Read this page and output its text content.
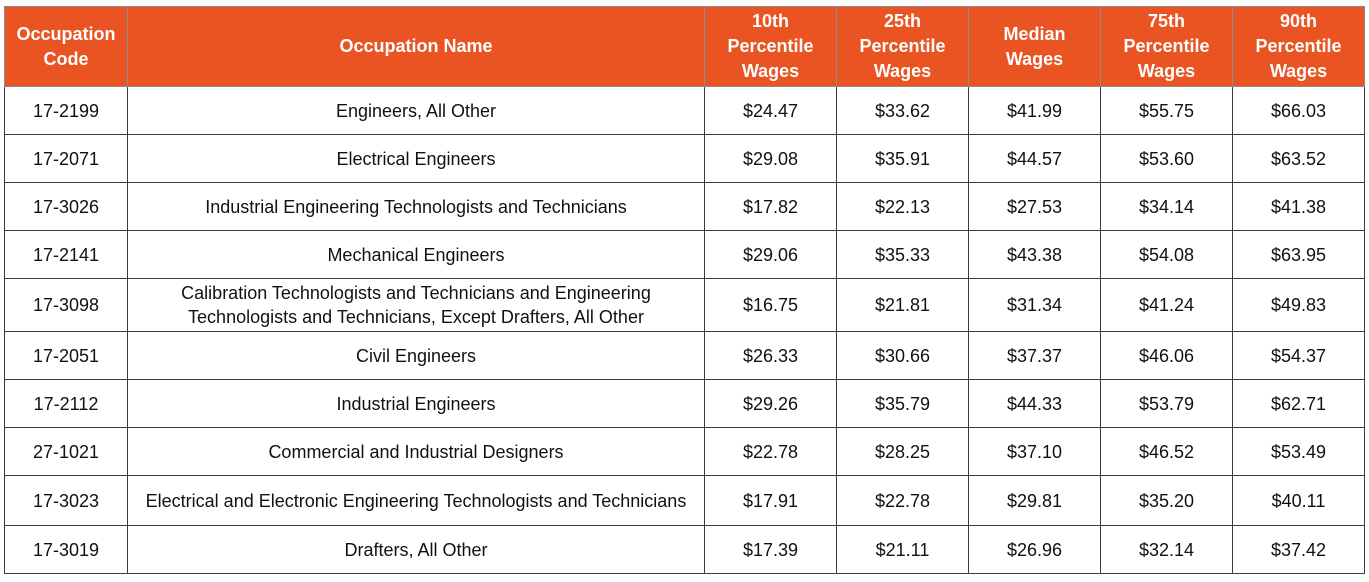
Occupation Code	Occupation Name	10th Percentile Wages	25th Percentile Wages	Median Wages	75th Percentile Wages	90th Percentile Wages
17-2199	Engineers, All Other	$24.47	$33.62	$41.99	$55.75	$66.03
17-2071	Electrical Engineers	$29.08	$35.91	$44.57	$53.60	$63.52
17-3026	Industrial Engineering Technologists and Technicians	$17.82	$22.13	$27.53	$34.14	$41.38
17-2141	Mechanical Engineers	$29.06	$35.33	$43.38	$54.08	$63.95
17-3098	Calibration Technologists and Technicians and Engineering Technologists and Technicians, Except Drafters, All Other	$16.75	$21.81	$31.34	$41.24	$49.83
17-2051	Civil Engineers	$26.33	$30.66	$37.37	$46.06	$54.37
17-2112	Industrial Engineers	$29.26	$35.79	$44.33	$53.79	$62.71
27-1021	Commercial and Industrial Designers	$22.78	$28.25	$37.10	$46.52	$53.49
17-3023	Electrical and Electronic Engineering Technologists and Technicians	$17.91	$22.78	$29.81	$35.20	$40.11
17-3019	Drafters, All Other	$17.39	$21.11	$26.96	$32.14	$37.42
